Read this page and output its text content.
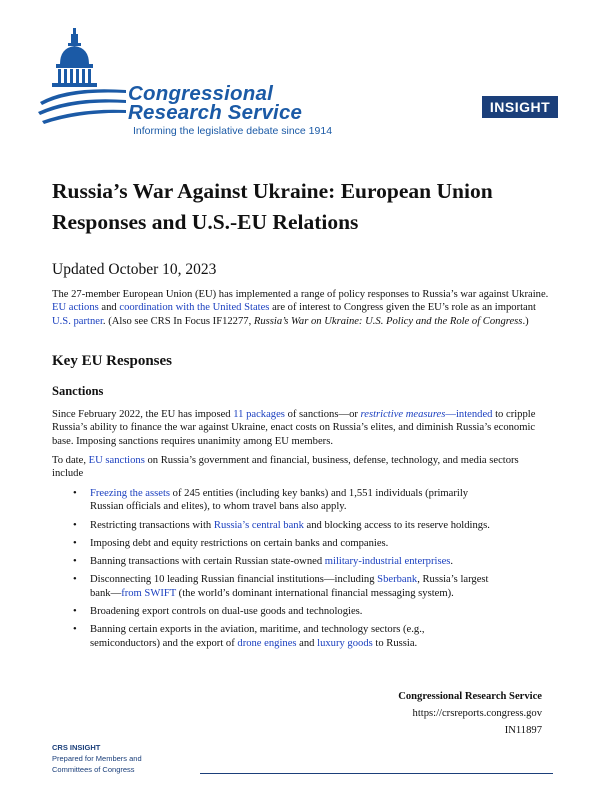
Congressional
Research Service
Informing the legislative debate since 1914
INSIGHT
Russia’s War Against Ukraine: European Union Responses and U.S.-EU Relations

Updated October 10, 2023

The 27-member European Union (EU) has implemented a range of policy responses to Russia’s war against Ukraine. EU actions and coordination with the United States are of interest to Congress given the EU’s role as an important U.S. partner. (Also see CRS In Focus IF12277, Russia’s War on Ukraine: U.S. Policy and the Role of Congress.)

Key EU Responses
Sanctions

Since February 2022, the EU has imposed 11 packages of sanctions—or restrictive measures—intended to cripple Russia’s ability to finance the war against Ukraine, enact costs on Russia’s elites, and diminish Russia’s economic base. Imposing sanctions requires unanimity among EU members.

To date, EU sanctions on Russia’s government and financial, business, defense, technology, and media sectors include

• Freezing the assets of 245 entities (including key banks) and 1,551 individuals (primarily Russian officials and elites), to whom travel bans also apply.
• Restricting transactions with Russia’s central bank and blocking access to its reserve holdings.
• Imposing debt and equity restrictions on certain banks and companies.
• Banning transactions with certain Russian state-owned military-industrial enterprises.
• Disconnecting 10 leading Russian financial institutions—including Sberbank, Russia’s largest bank—from SWIFT (the world’s dominant international financial messaging system).
• Broadening export controls on dual-use goods and technologies.
• Banning certain exports in the aviation, maritime, and technology sectors (e.g., semiconductors) and the export of drone engines and luxury goods to Russia.
Congressional Research Service
https://crsreports.congress.gov
IN11897
CRS INSIGHT
Prepared for Members and
Committees of Congress
